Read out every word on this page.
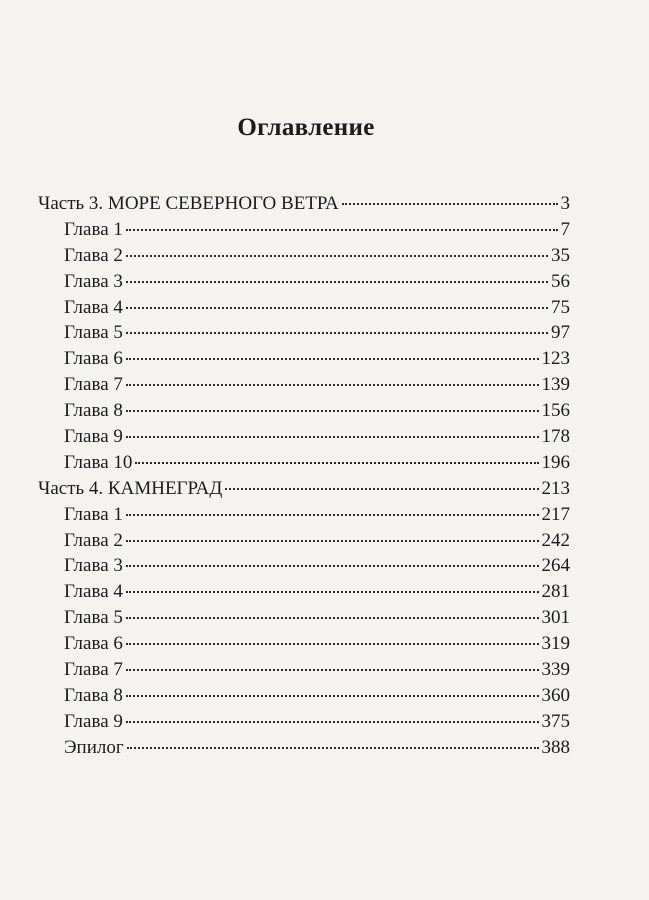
Оглавление
Часть 3. МОРЕ СЕВЕРНОГО ВЕТРА	3
Глава 1	7
Глава 2	35
Глава 3	56
Глава 4	75
Глава 5	97
Глава 6	123
Глава 7	139
Глава 8	156
Глава 9	178
Глава 10	196
Часть 4. КАМНЕГРАД	213
Глава 1	217
Глава 2	242
Глава 3	264
Глава 4	281
Глава 5	301
Глава 6	319
Глава 7	339
Глава 8	360
Глава 9	375
Эпилог	388
